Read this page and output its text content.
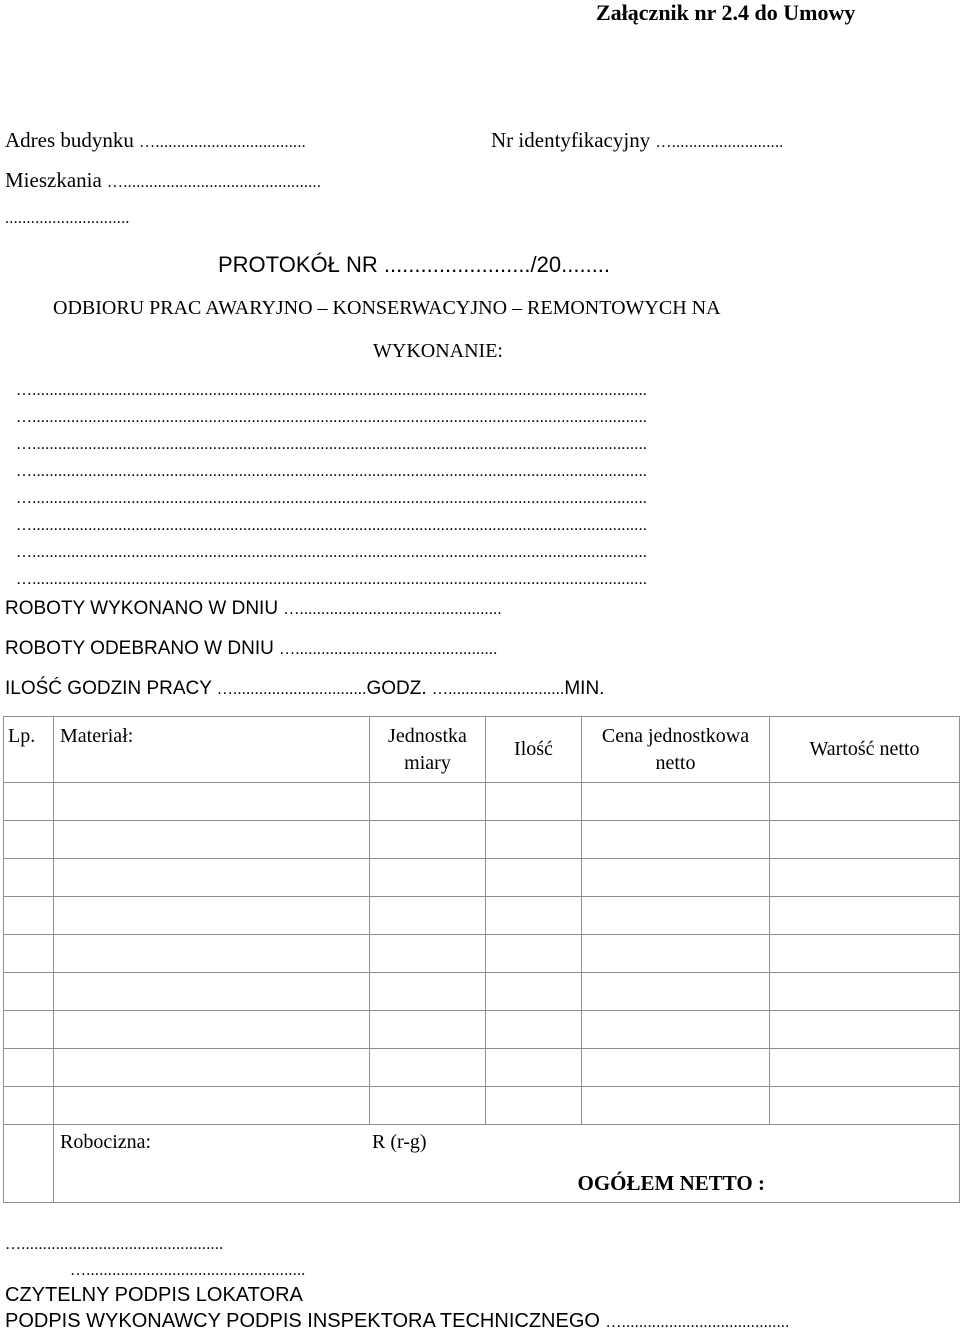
Załącznik nr 2.4 do Umowy
Adres budynku …...................................	Nr identyfikacyjny …..........................
Mieszkania …..............................................
.............................
PROTOKÓŁ NR ......................../20........
ODBIORU PRAC AWARYJNO – KONSERWACYJNO – REMONTOWYCH NA
WYKONANIE:
…...............................................................................................................................................
…...............................................................................................................................................
…...............................................................................................................................................
…...............................................................................................................................................
…...............................................................................................................................................
…...............................................................................................................................................
…...............................................................................................................................................
…...............................................................................................................................................
ROBOTY WYKONANO W DNIU …...............................................
ROBOTY ODEBRANO W DNIU …...............................................
ILOŚĆ GODZIN PRACY …...............................GODZ. …...........................MIN.
Lp.	Materiał:	Jednostka miary	Ilość	Cena jednostkowa netto	Wartość netto

	Robocizna: R (r-g)
OGÓŁEM NETTO :				
…...............................................
…...................................................
CZYTELNY PODPIS LOKATORA
PODPIS WYKONAWCY PODPIS INSPEKTORA TECHNICZNEGO ….......................................
